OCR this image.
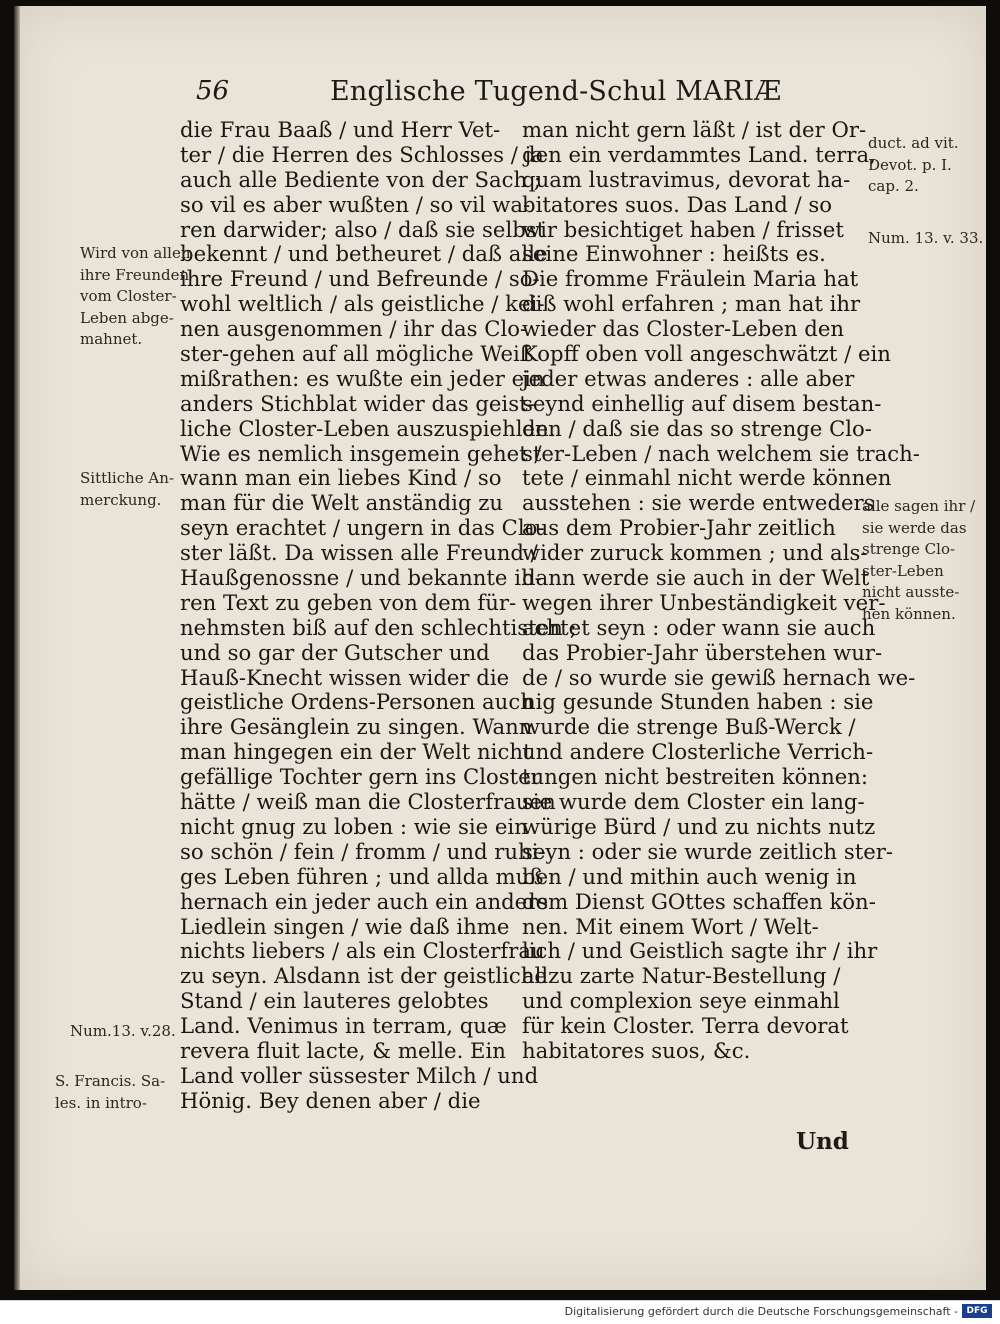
56	Englische Tugend-Schul MARIÆ
die Frau Baaß / und Herr Vet-
ter / die Herren des Schlosses / ja
auch alle Bediente von der Sach ;
so vil es aber wußten / so vil wa-
ren darwider; also / daß sie selbst
bekennt / und betheuret / daß alle
ihre Freund / und Befreunde / so-
wohl weltlich / als geistliche / kei-
nen ausgenommen / ihr das Clo-
ster-gehen auf all mögliche Weiß
mißrathen: es wußte ein jeder ein
anders Stichblat wider das geist-
liche Closter-Leben auszuspiehlen.
Wie es nemlich insgemein gehet /
wann man ein liebes Kind / so
man für die Welt anständig zu
seyn erachtet / ungern in das Clo-
ster läßt. Da wissen alle Freund /
Haußgenossne / und bekannte ih-
ren Text zu geben von dem für-
nehmsten biß auf den schlechtisten ;
und so gar der Gutscher und
Hauß-Knecht wissen wider die
geistliche Ordens-Personen auch
ihre Gesänglein zu singen. Wann
man hingegen ein der Welt nicht
gefällige Tochter gern ins Closter
hätte / weiß man die Closterfrauen
nicht gnug zu loben : wie sie ein
so schön / fein / fromm / und ruhi-
ges Leben führen ; und allda muß
hernach ein jeder auch ein anders
Liedlein singen / wie daß ihme
nichts liebers / als ein Closterfrau
zu seyn. Alsdann ist der geistliche
Stand / ein lauteres gelobtes
Land. Venimus in terram, quæ
revera fluit lacte, & melle. Ein
Land voller süssester Milch / und
Hönig. Bey denen aber / die
man nicht gern läßt / ist der Or-
den ein verdammtes Land. terra,
quam lustravimus, devorat ha-
bitatores suos. Das Land / so
wir besichtiget haben / frisset
seine Einwohner : heißts es.
Die fromme Fräulein Maria hat
diß wohl erfahren ; man hat ihr
wieder das Closter-Leben den
Kopff oben voll angeschwätzt / ein
jeder etwas anderes : alle aber
seynd einhellig auf disem bestan-
den / daß sie das so strenge Clo-
ster-Leben / nach welchem sie trach-
tete / einmahl nicht werde können
ausstehen : sie werde entweders
aus dem Probier-Jahr zeitlich
wider zuruck kommen ; und als-
dann werde sie auch in der Welt
wegen ihrer Unbeständigkeit ver-
achtet seyn : oder wann sie auch
das Probier-Jahr überstehen wur-
de / so wurde sie gewiß hernach we-
nig gesunde Stunden haben : sie
wurde die strenge Buß-Werck /
und andere Closterliche Verrich-
tungen nicht bestreiten können:
sie wurde dem Closter ein lang-
würige Bürd / und zu nichts nutz
seyn : oder sie wurde zeitlich ster-
ben / und mithin auch wenig in
dem Dienst GOttes schaffen kön-
nen. Mit einem Wort / Welt-
lich / und Geistlich sagte ihr / ihr
allzu zarte Natur-Bestellung /
und complexion seye einmahl
für kein Closter. Terra devorat
habitatores suos, &c.
Wird von allen
ihre Freunden
vom Closter-
Leben abge-
mahnet.
Sittliche An-
merckung.
Num.13. v.28.
S. Francis. Sa-
les. in intro-
duct. ad vit.
Devot. p. I.
cap. 2.
Num. 13. v. 33.
alle sagen ihr /
sie werde das
strenge Clo-
ster-Leben
nicht ausste-
hen können.
Und
Digitalisierung gefördert durch die Deutsche Forschungsgemeinschaft - DFG
